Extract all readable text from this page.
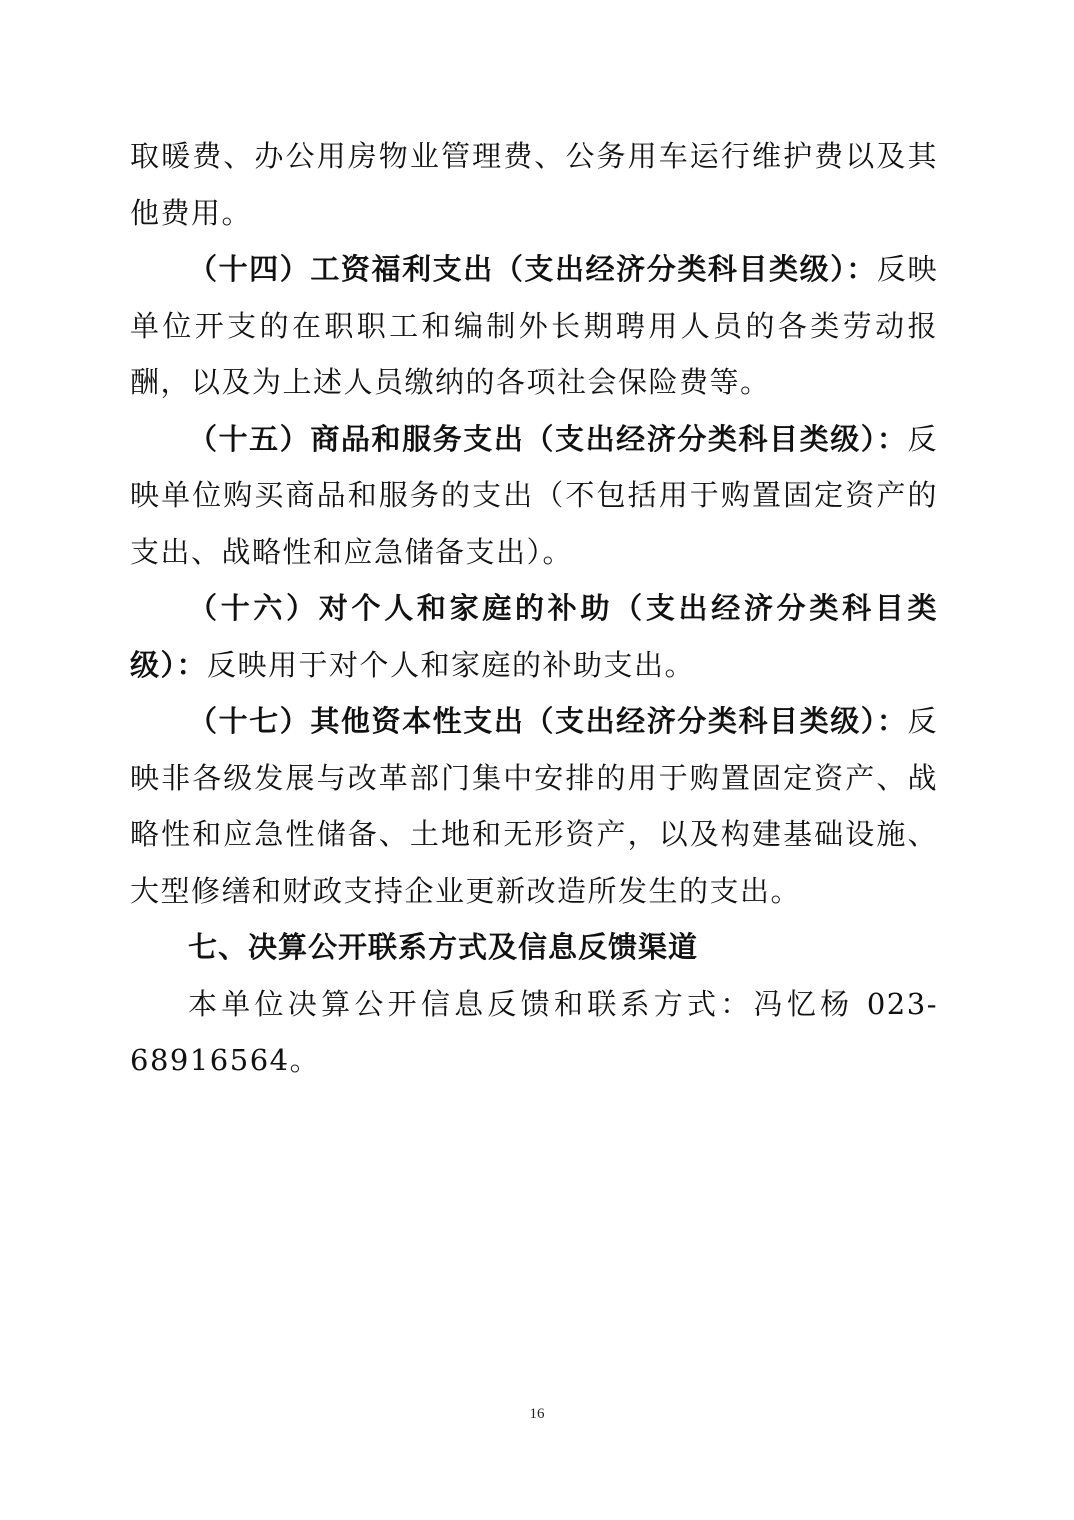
取暖费、办公用房物业管理费、公务用车运行维护费以及其他费用。

（十四）工资福利支出（支出经济分类科目类级）：反映单位开支的在职职工和编制外长期聘用人员的各类劳动报酬，以及为上述人员缴纳的各项社会保险费等。

（十五）商品和服务支出（支出经济分类科目类级）：反映单位购买商品和服务的支出（不包括用于购置固定资产的支出、战略性和应急储备支出）。

（十六）对个人和家庭的补助（支出经济分类科目类级）：反映用于对个人和家庭的补助支出。

（十七）其他资本性支出（支出经济分类科目类级）：反映非各级发展与改革部门集中安排的用于购置固定资产、战略性和应急性储备、土地和无形资产，以及构建基础设施、大型修缮和财政支持企业更新改造所发生的支出。

七、决算公开联系方式及信息反馈渠道

本单位决算公开信息反馈和联系方式：冯忆杨 023-68916564。

16
